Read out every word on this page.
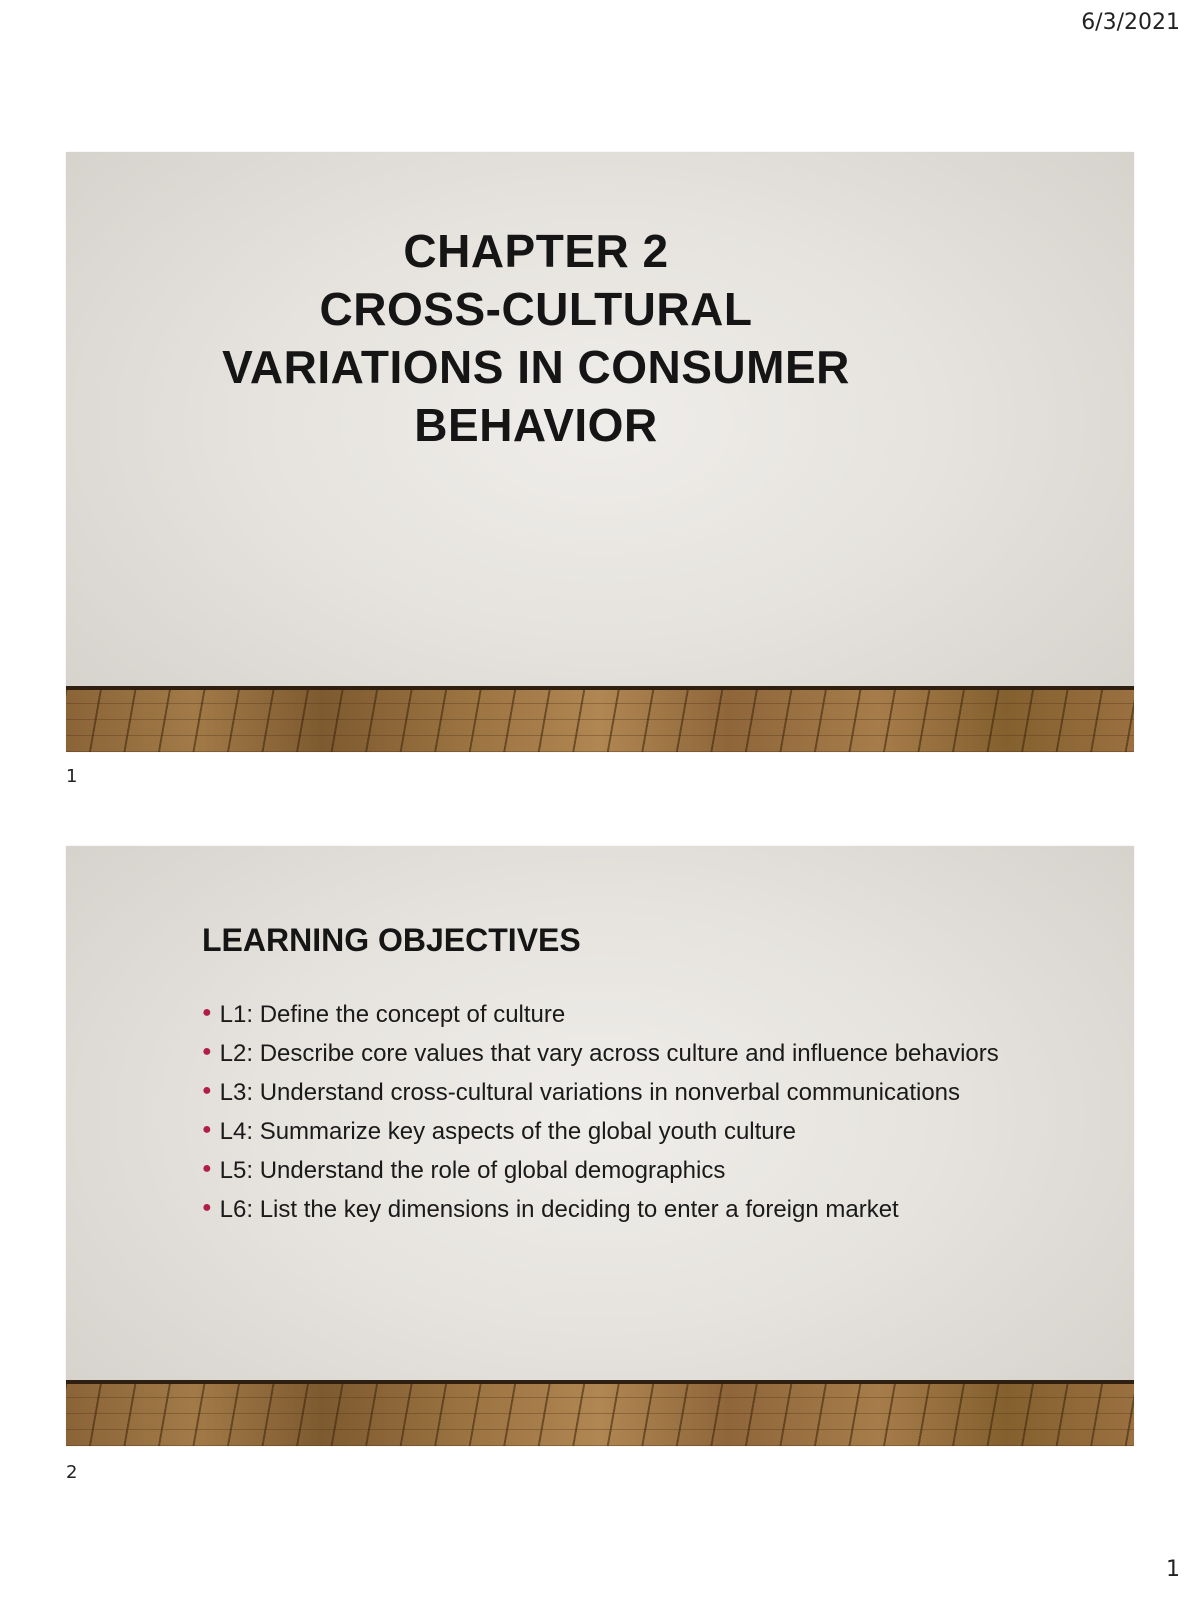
6/3/2021
CHAPTER 2
CROSS-CULTURAL
VARIATIONS IN CONSUMER
BEHAVIOR
1
LEARNING OBJECTIVES
● L1: Define the concept of culture
● L2: Describe core values that vary across culture and influence behaviors
● L3: Understand cross-cultural variations in nonverbal communications
● L4: Summarize key aspects of the global youth culture
● L5: Understand the role of global demographics
● L6: List the key dimensions in deciding to enter a foreign market
2
1
